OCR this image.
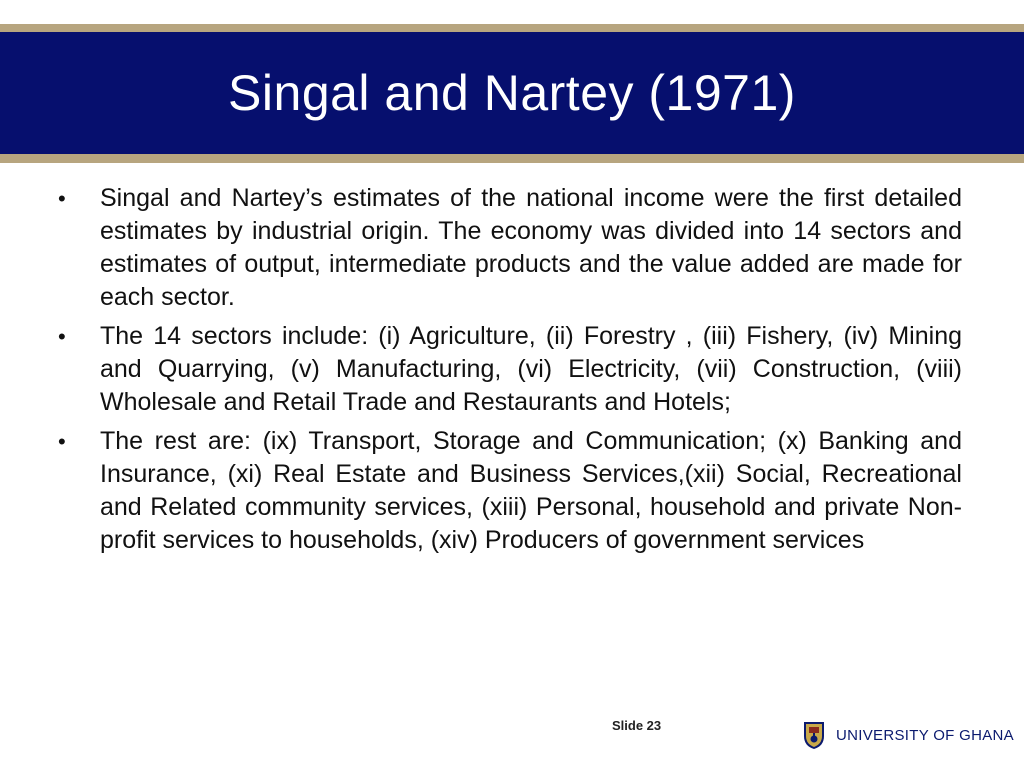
Singal and Nartey (1971)
• Singal and Nartey’s estimates of the national income were the first detailed estimates by industrial origin. The economy was divided into 14 sectors and estimates of output, intermediate products and the value added are made for each sector.
• The 14 sectors include: (i) Agriculture, (ii) Forestry , (iii) Fishery, (iv) Mining and Quarrying, (v) Manufacturing, (vi) Electricity, (vii) Construction, (viii) Wholesale and Retail Trade and Restaurants and Hotels;
• The rest are: (ix) Transport, Storage and Communication; (x) Banking and Insurance, (xi) Real Estate and Business Services,(xii) Social, Recreational and Related community services, (xiii) Personal, household and private Non-profit services to households, (xiv) Producers of government services
Slide 23
UNIVERSITY OF GHANA
